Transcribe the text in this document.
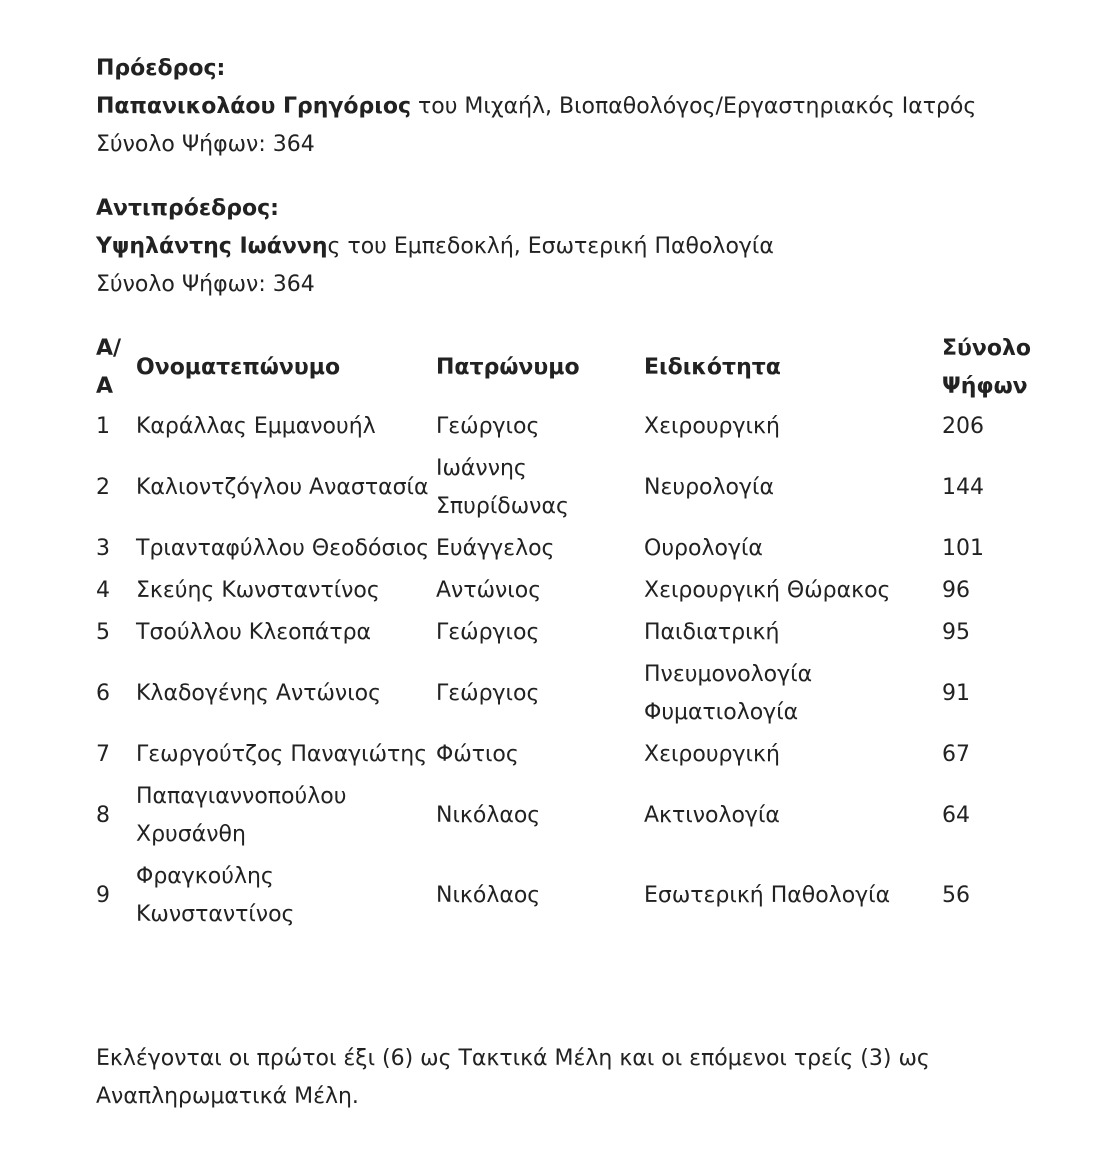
Πρόεδρος:

Παπανικολάου Γρηγόριος του Μιχαήλ, Βιοπαθολόγος/Εργαστηριακός Ιατρός

Σύνολο Ψήφων: 364

Αντιπρόεδρος:

Υψηλάντης Ιωάννης του Εμπεδοκλή, Εσωτερική Παθολογία

Σύνολο Ψήφων: 364

Α/Α	Ονοματεπώνυμο	Πατρώνυμο	Ειδικότητα	Σύνολο Ψήφων
1	Καράλλας Εμμανουήλ	Γεώργιος	Χειρουργική	206
2	Καλιοντζόγλου Αναστασία	Ιωάννης Σπυρίδωνας	Νευρολογία	144
3	Τριανταφύλλου Θεοδόσιος	Ευάγγελος	Ουρολογία	101
4	Σκεύης Κωνσταντίνος	Αντώνιος	Χειρουργική Θώρακος	96
5	Τσούλλου Κλεοπάτρα	Γεώργιος	Παιδιατρική	95
6	Κλαδογένης Αντώνιος	Γεώργιος	Πνευμονολογία Φυματιολογία	91
7	Γεωργούτζος Παναγιώτης	Φώτιος	Χειρουργική	67
8	Παπαγιαννοπούλου Χρυσάνθη	Νικόλαος	Ακτινολογία	64
9	Φραγκούλης Κωνσταντίνος	Νικόλαος	Εσωτερική Παθολογία	56

Εκλέγονται οι πρώτοι έξι (6) ως Τακτικά Μέλη και οι επόμενοι τρείς (3) ως Αναπληρωματικά Μέλη.
